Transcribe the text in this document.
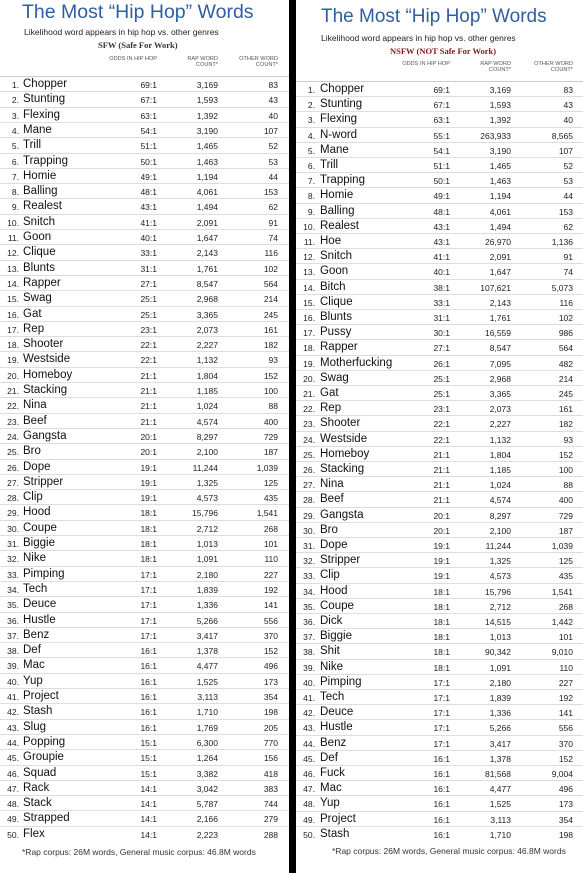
The Most “Hip Hop” Words
Likelihood word appears in hip hop vs. other genres
SFW (Safe For Work)
ODDS IN HIP HOP	RAP WORD COUNT*
OTHER WORD COUNT*
1. Chopper	69:1	3,169	83
2. Stunting	67:1	1,593	43
3. Flexing	63:1	1,392	40
4. Mane	54:1	3,190	107
5. Trill	51:1	1,465	52
6. Trapping	50:1	1,463	53
7. Homie	49:1	1,194	44
8. Balling	48:1	4,061	153
9. Realest	43:1	1,494	62
10. Snitch	41:1	2,091	91
11. Goon	40:1	1,647	74
12. Clique	33:1	2,143	116
13. Blunts	31:1	1,761	102
14. Rapper	27:1	8,547	564
15. Swag	25:1	2,968	214
16. Gat	25:1	3,365	245
17. Rep	23:1	2,073	161
18. Shooter	22:1	2,227	182
19. Westside	22:1	1,132	93
20. Homeboy	21:1	1,804	152
21. Stacking	21:1	1,185	100
22. Nina	21:1	1,024	88
23. Beef	21:1	4,574	400
24. Gangsta	20:1	8,297	729
25. Bro	20:1	2,100	187
26. Dope	19:1	11,244	1,039
27. Stripper	19:1	1,325	125
28. Clip	19:1	4,573	435
29. Hood	18:1	15,796	1,541
30. Coupe	18:1	2,712	268
31. Biggie	18:1	1,013	101
32. Nike	18:1	1,091	110
33. Pimping	17:1	2,180	227
34. Tech	17:1	1,839	192
35. Deuce	17:1	1,336	141
36. Hustle	17:1	5,266	556
37. Benz	17:1	3,417	370
38. Def	16:1	1,378	152
39. Mac	16:1	4,477	496
40. Yup	16:1	1,525	173
41. Project	16:1	3,113	354
42. Stash	16:1	1,710	198
43. Slug	16:1	1,769	205
44. Popping	15:1	6,300	770
45. Groupie	15:1	1,264	156
46. Squad	15:1	3,382	418
47. Rack	14:1	3,042	383
48. Stack	14:1	5,787	744
49. Strapped	14:1	2,166	279
50. Flex	14:1	2,223	288
*Rap corpus: 26M words, General music corpus: 46.8M words
The Most “Hip Hop” Words
Likelihood word appears in hip hop vs. other genres
NSFW (NOT Safe For Work)
ODDS IN HIP HOP	RAP WORD COUNT*
OTHER WORD COUNT*
1. Chopper	69:1	3,169	83
2. Stunting	67:1	1,593	43
3. Flexing	63:1	1,392	40
4. N-word	55:1	263,933	8,565
5. Mane	54:1	3,190	107
6. Trill	51:1	1,465	52
7. Trapping	50:1	1,463	53
8. Homie	49:1	1,194	44
9. Balling	48:1	4,061	153
10. Realest	43:1	1,494	62
11. Hoe	43:1	26,970	1,136
12. Snitch	41:1	2,091	91
13. Goon	40:1	1,647	74
14. Bitch	38:1	107,621	5,073
15. Clique	33:1	2,143	116
16. Blunts	31:1	1,761	102
17. Pussy	30:1	16,559	986
18. Rapper	27:1	8,547	564
19. Motherfucking	26:1	7,095	482
20. Swag	25:1	2,968	214
21. Gat	25:1	3,365	245
22. Rep	23:1	2,073	161
23. Shooter	22:1	2,227	182
24. Westside	22:1	1,132	93
25. Homeboy	21:1	1,804	152
26. Stacking	21:1	1,185	100
27. Nina	21:1	1,024	88
28. Beef	21:1	4,574	400
29. Gangsta	20:1	8,297	729
30. Bro	20:1	2,100	187
31. Dope	19:1	11,244	1,039
32. Stripper	19:1	1,325	125
33. Clip	19:1	4,573	435
34. Hood	18:1	15,796	1,541
35. Coupe	18:1	2,712	268
36. Dick	18:1	14,515	1,442
37. Biggie	18:1	1,013	101
38. Shit	18:1	90,342	9,010
39. Nike	18:1	1,091	110
40. Pimping	17:1	2,180	227
41. Tech	17:1	1,839	192
42. Deuce	17:1	1,336	141
43. Hustle	17:1	5,266	556
44. Benz	17:1	3,417	370
45. Def	16:1	1,378	152
46. Fuck	16:1	81,568	9,004
47. Mac	16:1	4,477	496
48. Yup	16:1	1,525	173
49. Project	16:1	3,113	354
50. Stash	16:1	1,710	198
*Rap corpus: 26M words, General music corpus: 46.8M words
